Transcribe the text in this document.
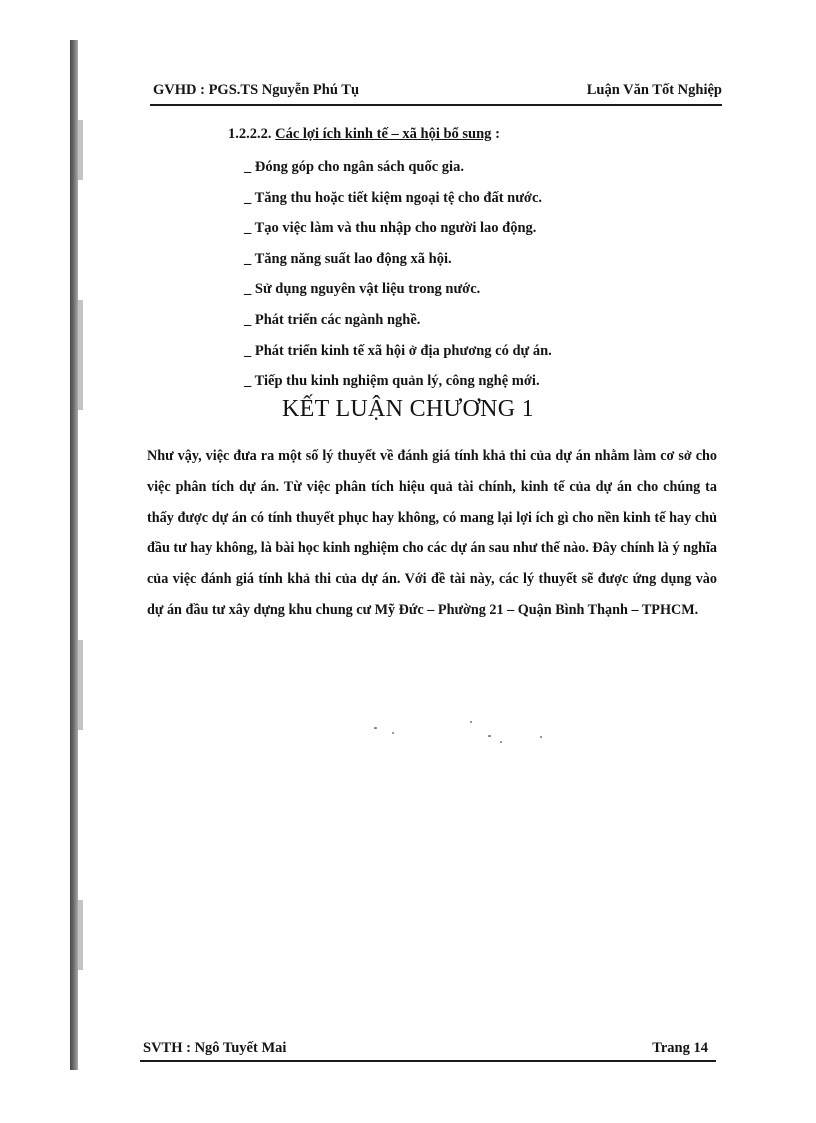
GVHD : PGS.TS Nguyễn Phú Tụ	Luận Văn Tốt Nghiệp
1.2.2.2. Các lợi ích kinh tế – xã hội bổ sung :
_ Đóng góp cho ngân sách quốc gia.
_ Tăng thu hoặc tiết kiệm ngoại tệ cho đất nước.
_ Tạo việc làm và thu nhập cho người lao động.
_ Tăng năng suất lao động xã hội.
_ Sử dụng nguyên vật liệu trong nước.
_ Phát triển các ngành nghề.
_ Phát triển kinh tế xã hội ở địa phương có dự án.
_ Tiếp thu kinh nghiệm quản lý, công nghệ mới.
KẾT LUẬN CHƯƠNG 1

Như vậy, việc đưa ra một số lý thuyết về đánh giá tính khả thi của dự án nhằm làm cơ sở cho việc phân tích dự án. Từ việc phân tích hiệu quả tài chính, kinh tế của dự án cho chúng ta thấy được dự án có tính thuyết phục hay không, có mang lại lợi ích gì cho nền kinh tế hay chủ đầu tư hay không, là bài học kinh nghiệm cho các dự án sau như thế nào. Đây chính là ý nghĩa của việc đánh giá tính khả thi của dự án. Với đề tài này, các lý thuyết sẽ được ứng dụng vào dự án đầu tư xây dựng khu chung cư Mỹ Đức – Phường 21 – Quận Bình Thạnh – TPHCM.

SVTH : Ngô Tuyết Mai	Trang 14
